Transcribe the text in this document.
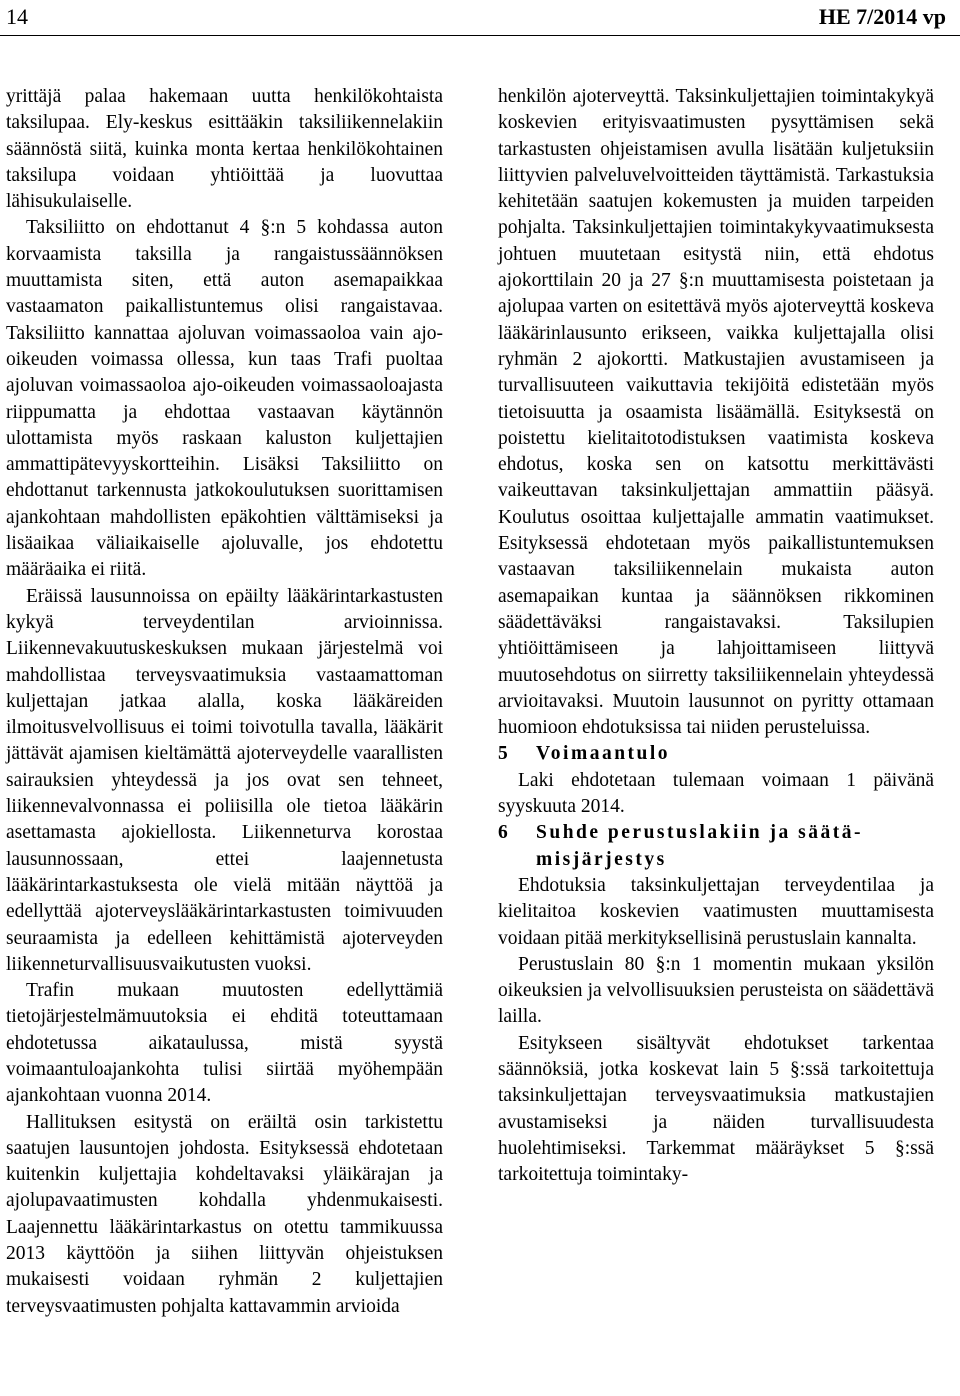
14	HE 7/2014 vp

yrittäjä palaa hakemaan uutta henkilökohtaista taksilupaa. Ely-keskus esittääkin taksiliikennelakiin säännöstä siitä, kuinka monta kertaa henkilökohtainen taksilupa voidaan yhtiöittää ja luovuttaa lähisukulaiselle.

Taksiliitto on ehdottanut 4 §:n 5 kohdassa auton korvaamista taksilla ja rangaistussäännöksen muuttamista siten, että auton asemapaikkaa vastaamaton paikallistuntemus olisi rangaistavaa. Taksiliitto kannattaa ajoluvan voimassaoloa vain ajo-oikeuden voimassa ollessa, kun taas Trafi puoltaa ajoluvan voimassaoloa ajo-oikeuden voimassaoloajasta riippumatta ja ehdottaa vastaavan käytännön ulottamista myös raskaan kaluston kuljettajien ammattipätevyyskortteihin. Lisäksi Taksiliitto on ehdottanut tarkennusta jatkokoulutuksen suorittamisen ajankohtaan mahdollisten epäkohtien välttämiseksi ja lisäaikaa väliaikaiselle ajoluvalle, jos ehdotettu määräaika ei riitä.

Eräissä lausunnoissa on epäilty lääkärintarkastusten kykyä terveydentilan arvioinnissa. Liikennevakuutuskeskuksen mukaan järjestelmä voi mahdollistaa terveysvaatimuksia vastaamattoman kuljettajan jatkaa alalla, koska lääkäreiden ilmoitusvelvollisuus ei toimi toivotulla tavalla, lääkärit jättävät ajamisen kieltämättä ajoterveydelle vaarallisten sairauksien yhteydessä ja jos ovat sen tehneet, liikennevalvonnassa ei poliisilla ole tietoa lääkärin asettamasta ajokiellosta. Liikenneturva korostaa lausunnossaan, ettei laajennetusta lääkärintarkastuksesta ole vielä mitään näyttöä ja edellyttää ajoterveyslääkärintarkastusten toimivuuden seuraamista ja edelleen kehittämistä ajoterveyden liikenneturvallisuusvaikutusten vuoksi.

Trafin mukaan muutosten edellyttämiä tietojärjestelmämuutoksia ei ehditä toteuttamaan ehdotetussa aikataulussa, mistä syystä voimaantuloajankohta tulisi siirtää myöhempään ajankohtaan vuonna 2014.

Hallituksen esitystä on eräiltä osin tarkistettu saatujen lausuntojen johdosta. Esityksessä ehdotetaan kuitenkin kuljettajia kohdeltavaksi yläikärajan ja ajolupavaatimusten kohdalla yhdenmukaisesti. Laajennettu lääkärintarkastus on otettu tammikuussa 2013 käyttöön ja siihen liittyvän ohjeistuksen mukaisesti voidaan ryhmän 2 kuljettajien terveysvaatimusten pohjalta kattavammin arvioida

henkilön ajoterveyttä. Taksinkuljettajien toimintakykyä koskevien erityisvaatimusten pysyttämisen sekä tarkastusten ohjeistamisen avulla lisätään kuljetuksiin liittyvien palveluvelvoitteiden täyttämistä. Tarkastuksia kehitetään saatujen kokemusten ja muiden tarpeiden pohjalta. Taksinkuljettajien toimintakykyvaatimuksesta johtuen muutetaan esitystä niin, että ehdotus ajokorttilain 20 ja 27 §:n muuttamisesta poistetaan ja ajolupaa varten on esitettävä myös ajoterveyttä koskeva lääkärinlausunto erikseen, vaikka kuljettajalla olisi ryhmän 2 ajokortti. Matkustajien avustamiseen ja turvallisuuteen vaikuttavia tekijöitä edistetään myös tietoisuutta ja osaamista lisäämällä. Esityksestä on poistettu kielitaitotodistuksen vaatimista koskeva ehdotus, koska sen on katsottu merkittävästi vaikeuttavan taksinkuljettajan ammattiin pääsyä. Koulutus osoittaa kuljettajalle ammatin vaatimukset. Esityksessä ehdotetaan myös paikallistuntemuksen vastaavan taksiliikennelain mukaista auton asemapaikan kuntaa ja säännöksen rikkominen säädettäväksi rangaistavaksi. Taksilupien yhtiöittämiseen ja lahjoittamiseen liittyvä muutosehdotus on siirretty taksiliikennelain yhteydessä arvioitavaksi. Muutoin lausunnot on pyritty ottamaan huomioon ehdotuksissa tai niiden perusteluissa.

5 Voimaantulo

Laki ehdotetaan tulemaan voimaan 1 päivänä syyskuuta 2014.

6 Suhde perustuslakiin ja säätä-
misjärjestys

Ehdotuksia taksinkuljettajan terveydentilaa ja kielitaitoa koskevien vaatimusten muuttamisesta voidaan pitää merkityksellisinä perustuslain kannalta.

Perustuslain 80 §:n 1 momentin mukaan yksilön oikeuksien ja velvollisuuksien perusteista on säädettävä lailla.

Esitykseen sisältyvät ehdotukset tarkentaa säännöksiä, jotka koskevat lain 5 §:ssä tarkoitettuja taksinkuljettajan terveysvaatimuksia matkustajien avustamiseksi ja näiden turvallisuudesta huolehtimiseksi. Tarkemmat määräykset 5 §:ssä tarkoitettuja toimintaky-
